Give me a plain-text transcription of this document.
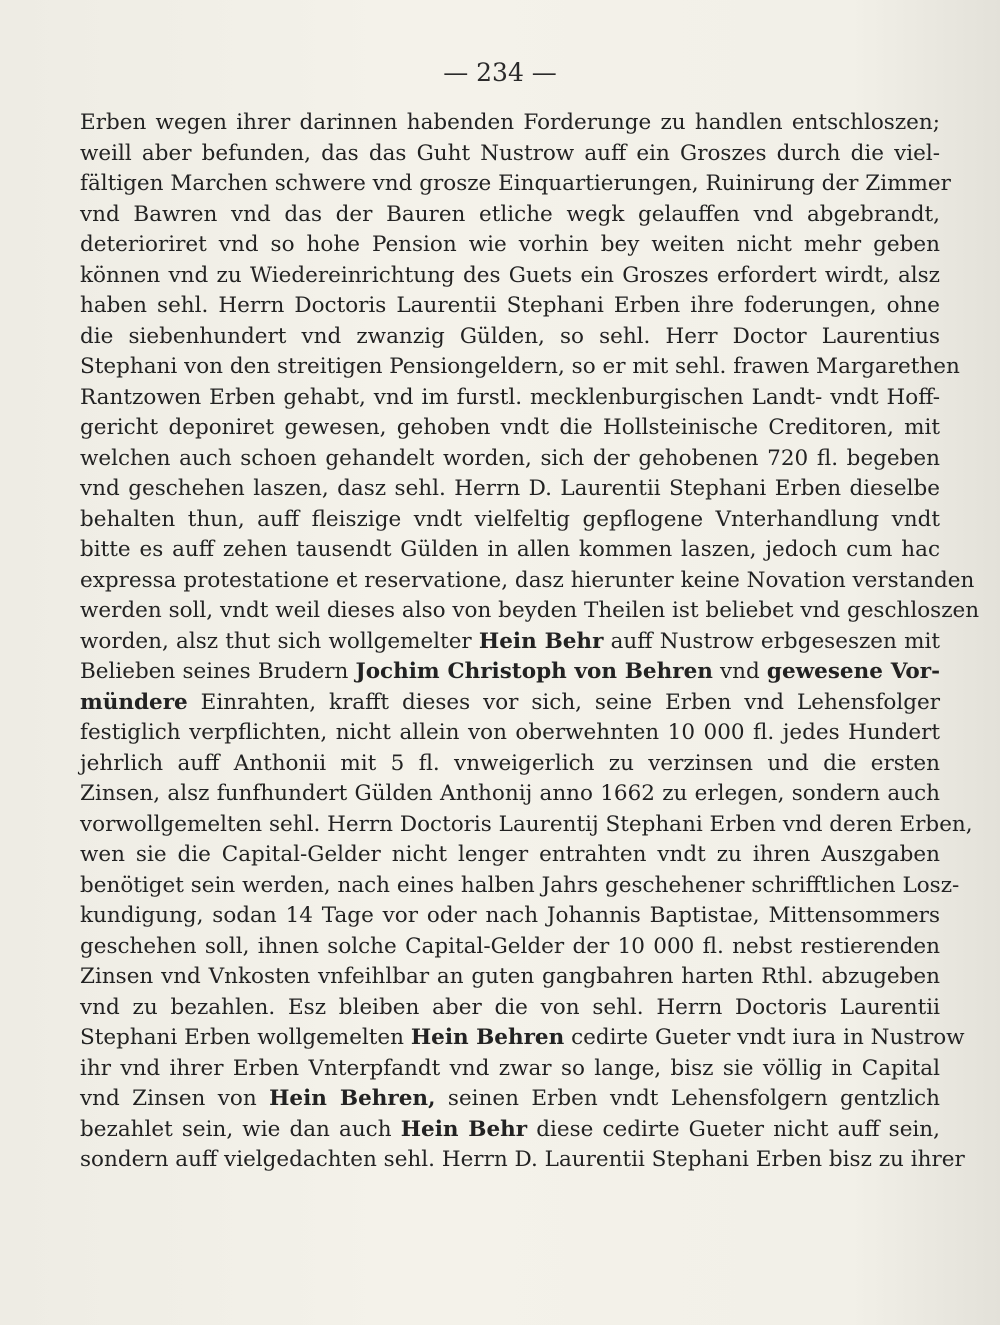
— 234 —
Erben wegen ihrer darinnen habenden Forderunge zu handlen entschloszen;
weill aber befunden, das das Guht Nustrow auff ein Groszes durch die viel-
fältigen Marchen schwere vnd grosze Einquartierungen, Ruinirung der Zimmer
vnd Bawren vnd das der Bauren etliche wegk gelauffen vnd abgebrandt,
deterioriret vnd so hohe Pension wie vorhin bey weiten nicht mehr geben
können vnd zu Wiedereinrichtung des Guets ein Groszes erfordert wirdt, alsz
haben sehl. Herrn Doctoris Laurentii Stephani Erben ihre foderungen, ohne
die siebenhundert vnd zwanzig Gülden, so sehl. Herr Doctor Laurentius
Stephani von den streitigen Pensiongeldern, so er mit sehl. frawen Margarethen
Rantzowen Erben gehabt, vnd im furstl. mecklenburgischen Landt- vndt Hoff-
gericht deponiret gewesen, gehoben vndt die Hollsteinische Creditoren, mit
welchen auch schoen gehandelt worden, sich der gehobenen 720 fl. begeben
vnd geschehen laszen, dasz sehl. Herrn D. Laurentii Stephani Erben dieselbe
behalten thun, auff fleiszige vndt vielfeltig gepflogene Vnterhandlung vndt
bitte es auff zehen tausendt Gülden in allen kommen laszen, jedoch cum hac
expressa protestatione et reservatione, dasz hierunter keine Novation verstanden
werden soll, vndt weil dieses also von beyden Theilen ist beliebet vnd geschloszen
worden, alsz thut sich wollgemelter Hein Behr auff Nustrow erbgeseszen mit
Belieben seines Brudern Jochim Christoph von Behren vnd gewesene Vor-
mündere Einrahten, krafft dieses vor sich, seine Erben vnd Lehensfolger
festiglich verpflichten, nicht allein von oberwehnten 10 000 fl. jedes Hundert
jehrlich auff Anthonii mit 5 fl. vnweigerlich zu verzinsen und die ersten
Zinsen, alsz funfhundert Gülden Anthonij anno 1662 zu erlegen, sondern auch
vorwollgemelten sehl. Herrn Doctoris Laurentij Stephani Erben vnd deren Erben,
wen sie die Capital-Gelder nicht lenger entrahten vndt zu ihren Auszgaben
benötiget sein werden, nach eines halben Jahrs geschehener schrifftlichen Losz-
kundigung, sodan 14 Tage vor oder nach Johannis Baptistae, Mittensommers
geschehen soll, ihnen solche Capital-Gelder der 10 000 fl. nebst restierenden
Zinsen vnd Vnkosten vnfeihlbar an guten gangbahren harten Rthl. abzugeben
vnd zu bezahlen. Esz bleiben aber die von sehl. Herrn Doctoris Laurentii
Stephani Erben wollgemelten Hein Behren cedirte Gueter vndt iura in Nustrow
ihr vnd ihrer Erben Vnterpfandt vnd zwar so lange, bisz sie völlig in Capital
vnd Zinsen von Hein Behren, seinen Erben vndt Lehensfolgern gentzlich
bezahlet sein, wie dan auch Hein Behr diese cedirte Gueter nicht auff sein,
sondern auff vielgedachten sehl. Herrn D. Laurentii Stephani Erben bisz zu ihrer
